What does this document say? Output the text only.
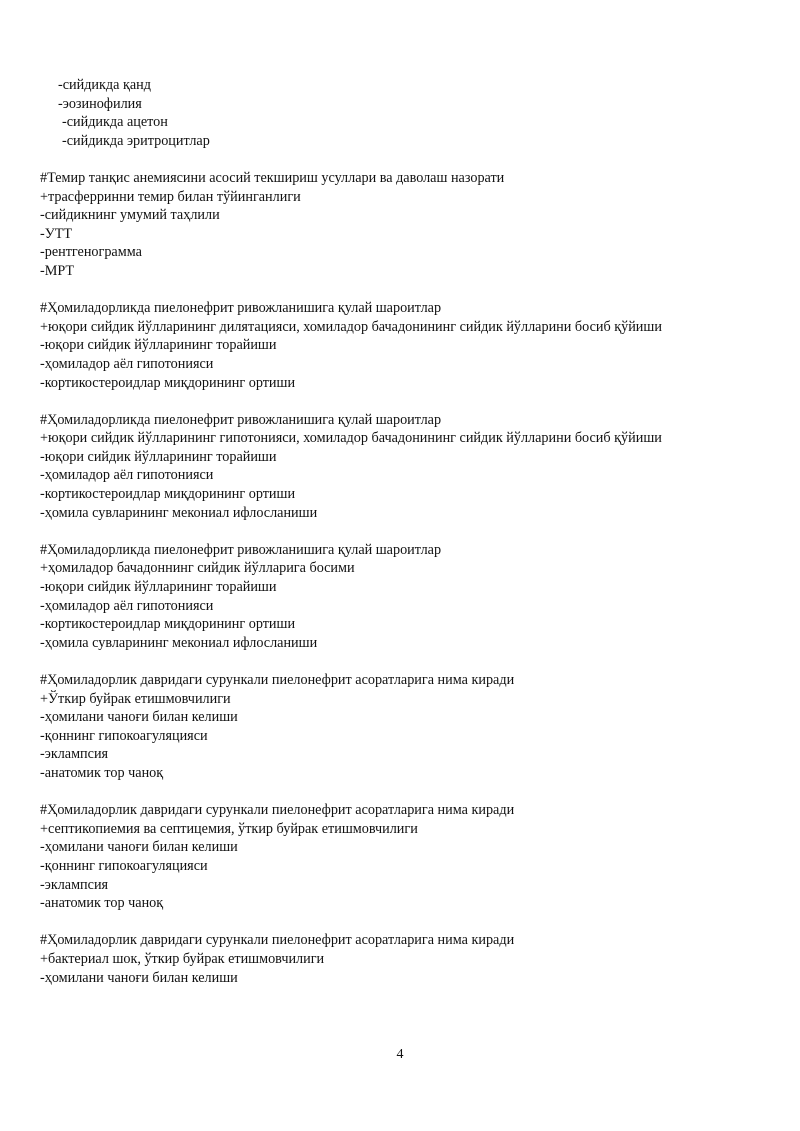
-сийдикда қанд
-эозинофилия
-сийдикда ацетон
-сийдикда эритроцитлар
#Темир танқис анемиясини асосий текшириш усуллари ва даволаш назорати
+трасферринни темир билан тўйинганлиги
-сийдикнинг умумий таҳлили
-УТТ
-рентгенограмма
-МРТ
#Ҳомиладорликда пиелонефрит ривожланишига қулай шароитлар
+юқори сийдик йўлларининг дилятацияси, хомиладор бачадонининг сийдик йўлларини босиб қўйиши
-юқори сийдик йўлларининг торайиши
-ҳомиладор аёл гипотонияси
-кортикостероидлар миқдорининг ортиши
#Ҳомиладорликда пиелонефрит ривожланишига қулай шароитлар
+юқори сийдик йўлларининг гипотонияси, хомиладор бачадонининг сийдик йўлларини босиб қўйиши
-юқори сийдик йўлларининг торайиши
-ҳомиладор аёл гипотонияси
-кортикостероидлар миқдорининг ортиши
-ҳомила сувларининг мекониал ифлосланиши
#Ҳомиладорликда пиелонефрит ривожланишига қулай шароитлар
+ҳомиладор бачадоннинг сийдик йўлларига босими
-юқори сийдик йўлларининг торайиши
-ҳомиладор аёл гипотонияси
-кортикостероидлар миқдорининг ортиши
-ҳомила сувларининг мекониал ифлосланиши
#Ҳомиладорлик давридаги сурункали пиелонефрит асоратларига нима киради
+Ўткир буйрак етишмовчилиги
-ҳомилани чаноғи билан келиши
-қоннинг гипокоагуляцияси
-эклампсия
-анатомик тор чаноқ
#Ҳомиладорлик давридаги сурункали пиелонефрит асоратларига нима киради
+септикопиемия ва септицемия, ўткир буйрак етишмовчилиги
-ҳомилани чаноғи билан келиши
-қоннинг гипокоагуляцияси
-эклампсия
-анатомик тор чаноқ
#Ҳомиладорлик давридаги сурункали пиелонефрит асоратларига нима киради
+бактериал шок, ўткир буйрак етишмовчилиги
-ҳомилани чаноғи билан келиши
4
